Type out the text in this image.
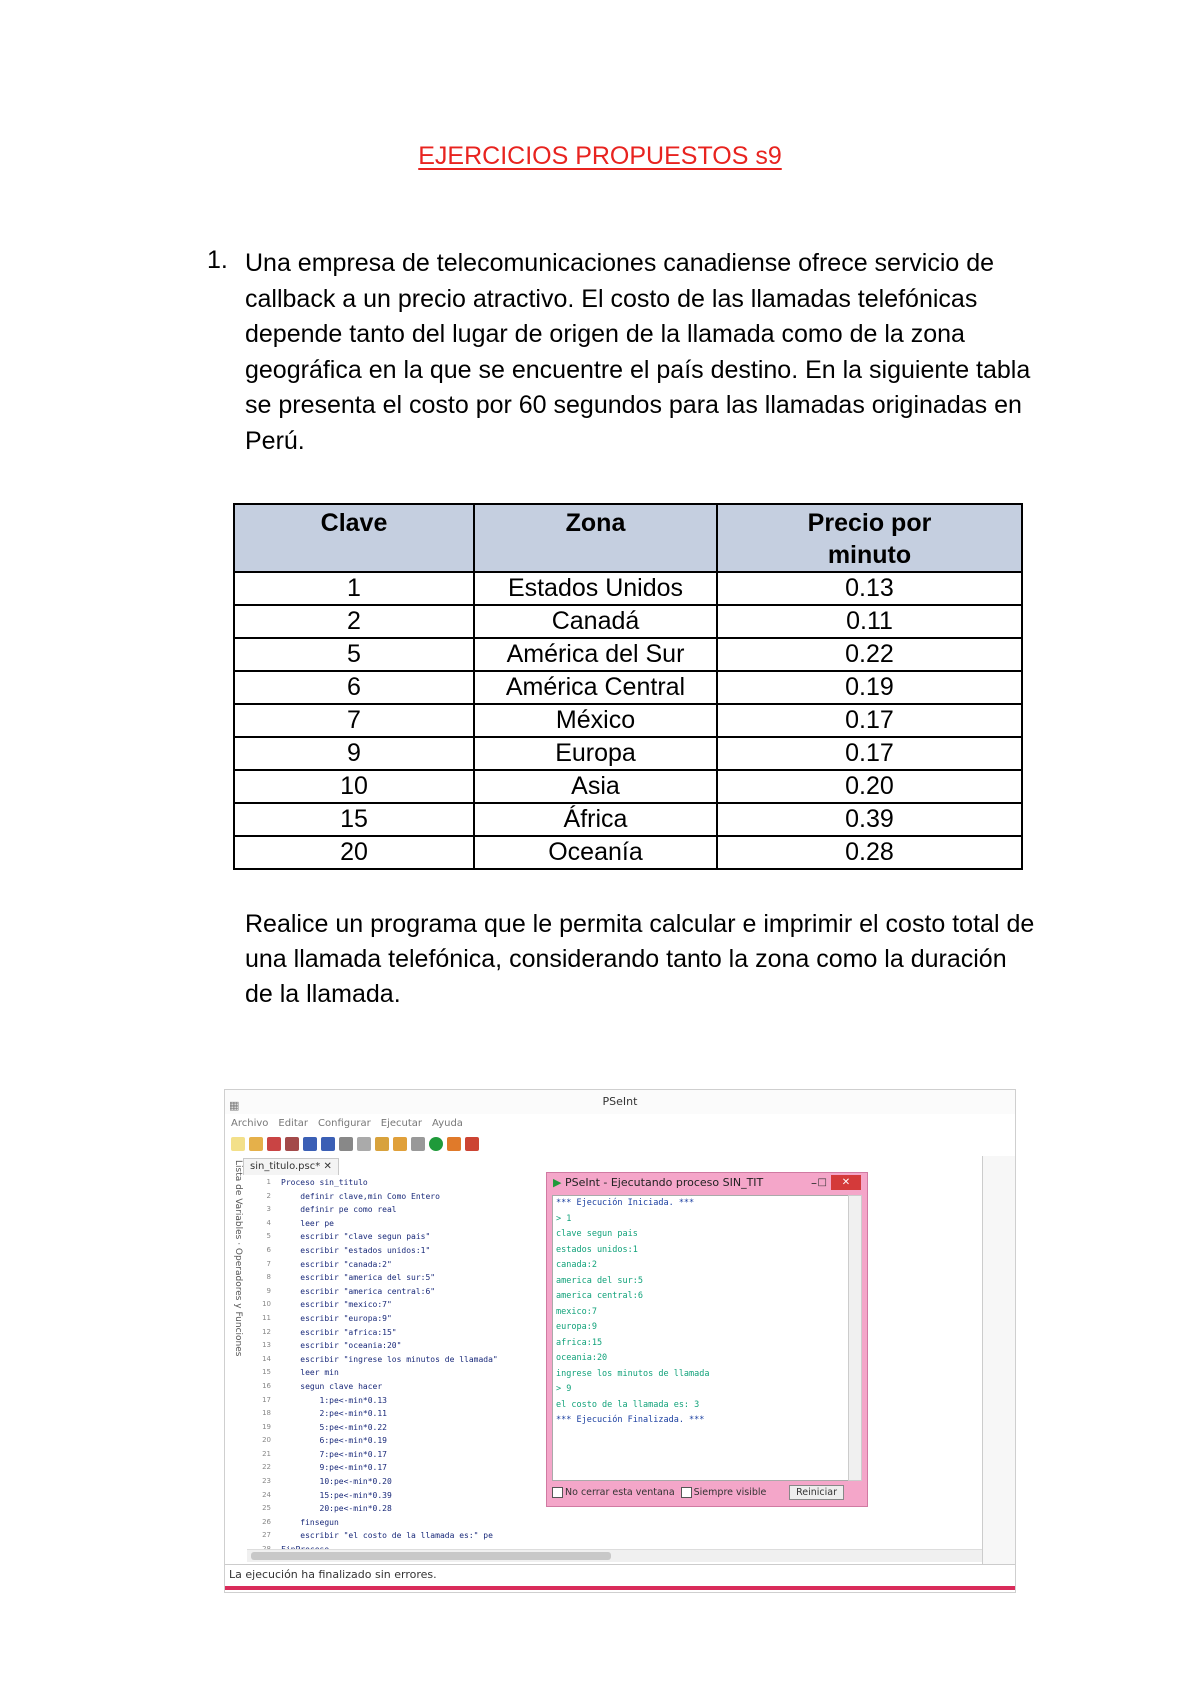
EJERCICIOS PROPUESTOS s9
1. Una empresa de telecomunicaciones canadiense ofrece servicio de callback a un precio atractivo. El costo de las llamadas telefónicas depende tanto del lugar de origen de la llamada como de la zona geográfica en la que se encuentre el país destino. En la siguiente tabla se presenta el costo por 60 segundos para las llamadas originadas en Perú.
Clave	Zona	Precio por minuto
1	Estados Unidos	0.13
2	Canadá	0.11
5	América del Sur	0.22
6	América Central	0.19
7	México	0.17
9	Europa	0.17
10	Asia	0.20
15	África	0.39
20	Oceanía	0.28
Realice un programa que le permita calcular e imprimir el costo total de una llamada telefónica, considerando tanto la zona como la duración de la llamada.
▦	PSeInt
Archivo Editar Configurar Ejecutar Ayuda
Lista de Variables · Operadores y Funciones sin_titulo.psc* ✕
1
2
3
4
5
6
7
8
9
10
11
12
13
14
15
16
17
18
19
20
21
22
23
24
25
26
27
Proceso sin_titulo
definir clave,min Como Entero
definir pe como real
leer pe
escribir "clave segun pais"
escribir "estados unidos:1"
escribir "canada:2"
escribir "america del sur:5"
escribir "america central:6"
escribir "mexico:7"
escribir "europa:9"
escribir "africa:15"
escribir "oceania:20"
escribir "ingrese los minutos de llamada"
leer min
segun clave hacer
1:pe<-min*0.13
2:pe<-min*0.11
5:pe<-min*0.22
6:pe<-min*0.19
7:pe<-min*0.17
9:pe<-min*0.17
10:pe<-min*0.20
15:pe<-min*0.39
20:pe<-min*0.28
finsegun
escribir "el costo de la llamada es:" pe
▶ PSeInt - Ejecutando proceso SIN_TIT	– □	✕
*** Ejecución Iniciada. ***
> 1
clave segun pais
estados unidos:1
canada:2
america del sur:5
america central:6
mexico:7
europa:9
africa:15
oceania:20
ingrese los minutos de llamada
> 9
el costo de la llamada es: 3
*** Ejecución Finalizada. ***
No cerrar esta ventana	Siempre visible	Reiniciar
La ejecución ha finalizado sin errores.
